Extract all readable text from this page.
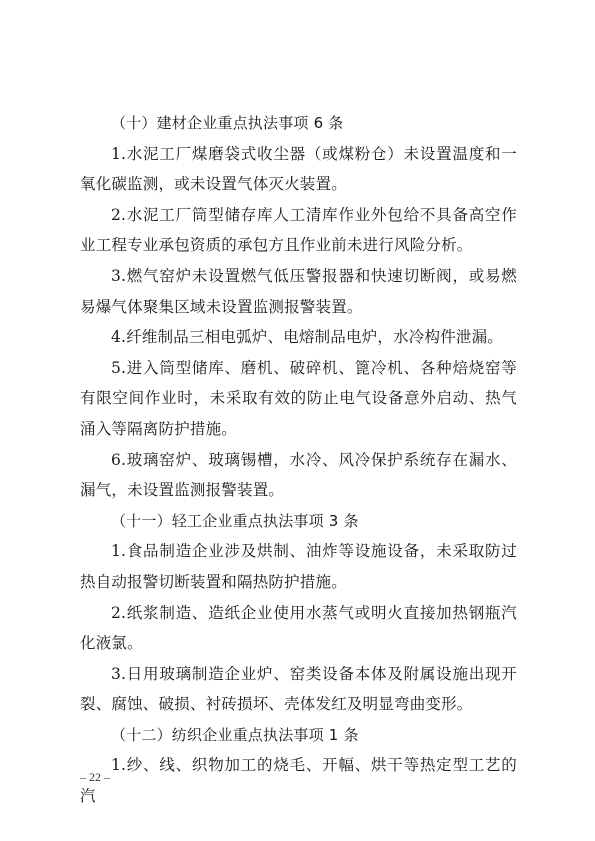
（十）建材企业重点执法事项 6 条

1.水泥工厂煤磨袋式收尘器（或煤粉仓）未设置温度和一氧化碳监测，或未设置气体灭火装置。

2.水泥工厂筒型储存库人工清库作业外包给不具备高空作业工程专业承包资质的承包方且作业前未进行风险分析。

3.燃气窑炉未设置燃气低压警报器和快速切断阀，或易燃易爆气体聚集区域未设置监测报警装置。

4.纤维制品三相电弧炉、电熔制品电炉，水冷构件泄漏。

5.进入筒型储库、磨机、破碎机、篦冷机、各种焙烧窑等有限空间作业时，未采取有效的防止电气设备意外启动、热气涌入等隔离防护措施。

6.玻璃窑炉、玻璃锡槽，水冷、风冷保护系统存在漏水、漏气，未设置监测报警装置。

（十一）轻工企业重点执法事项 3 条

1.食品制造企业涉及烘制、油炸等设施设备，未采取防过热自动报警切断装置和隔热防护措施。

2.纸浆制造、造纸企业使用水蒸气或明火直接加热钢瓶汽化液氯。

3.日用玻璃制造企业炉、窑类设备本体及附属设施出现开裂、腐蚀、破损、衬砖损坏、壳体发红及明显弯曲变形。

（十二）纺织企业重点执法事项 1 条

1.纱、线、织物加工的烧毛、开幅、烘干等热定型工艺的汽

– 22 –
